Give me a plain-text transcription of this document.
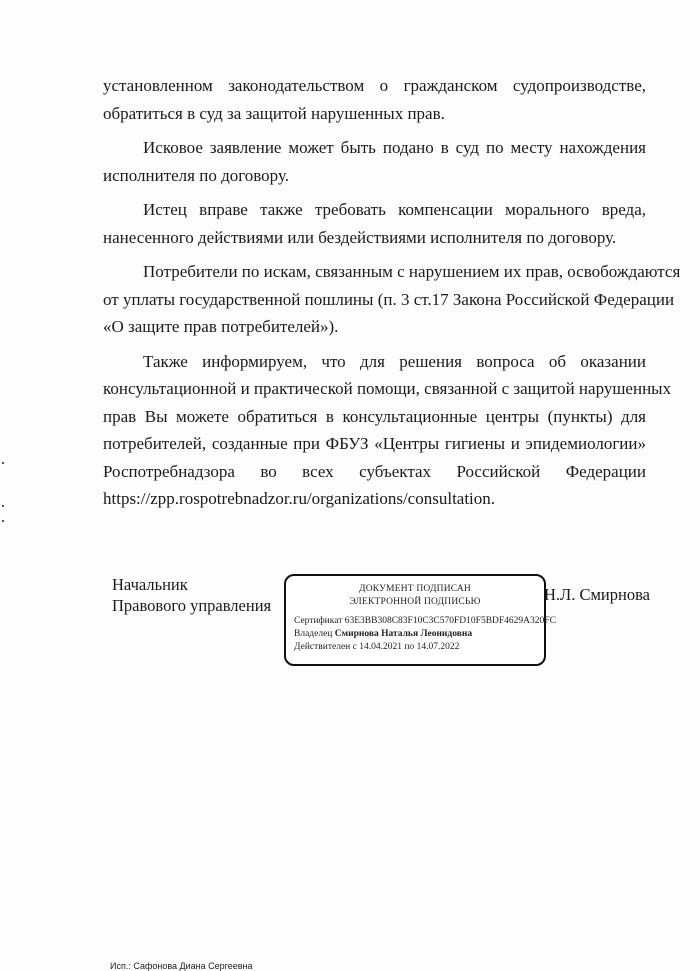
установленном законодательством о гражданском судопроизводстве,
обратиться в суд за защитой нарушенных прав.

Исковое заявление может быть подано в суд по месту нахождения
исполнителя по договору.

Истец вправе также требовать компенсации морального вреда,
нанесенного действиями или бездействиями исполнителя по договору.

Потребители по искам, связанным с нарушением их прав, освобождаются
от уплаты государственной пошлины (п. 3 ст.17 Закона Российской Федерации
«О защите прав потребителей»).

Также информируем, что для решения вопроса об оказании
консультационной и практической помощи, связанной с защитой нарушенных
прав Вы можете обратиться в консультационные центры (пункты) для
потребителей, созданные при ФБУЗ «Центры гигиены и эпидемиологии»
Роспотребнадзора во всех субъектах Российской Федерации
https://zpp.rospotrebnadzor.ru/organizations/consultation.

Начальник
Правового управления
ДОКУМЕНТ ПОДПИСАН
ЭЛЕКТРОННОЙ ПОДПИСЬЮ
Сертификат 63E3BB308C83F10C3C570FD10F5BDF4629A320FC
Владелец Смирнова Наталья Леонидовна
Действителен с 14.04.2021 по 14.07.2022
Н.Л. Смирнова
Исп.: Сафонова Диана Сергеевна
